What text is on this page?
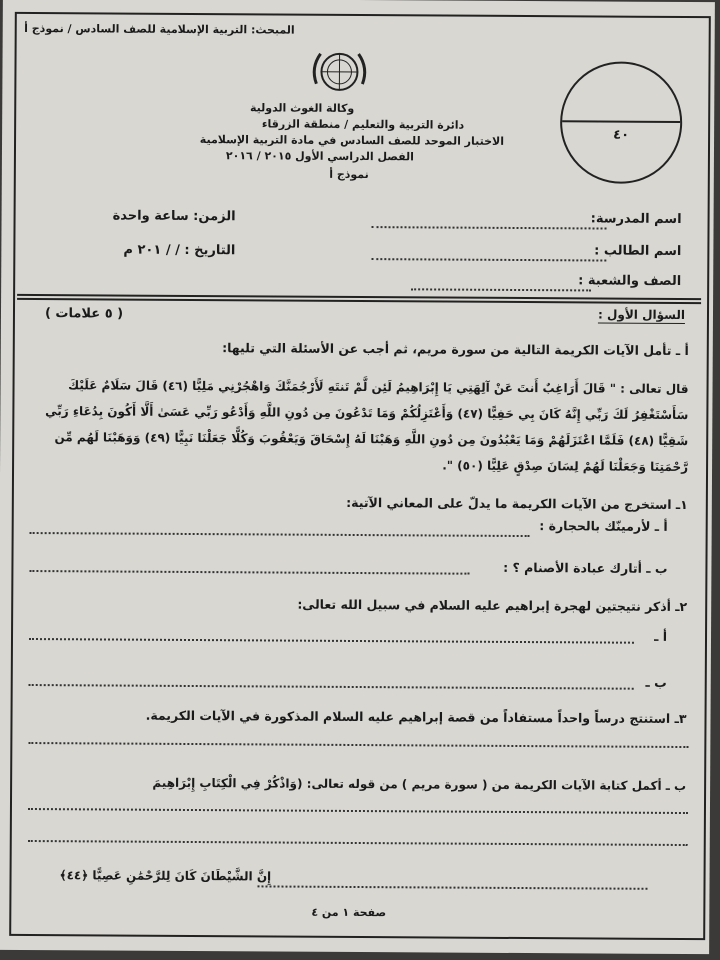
المبحث: التربية الإسلامية للصف السادس / نموذج أ
وكالة الغوث الدولية
دائرة التربية والتعليم / منطقة الزرقاء
الاختبار الموحد للصف السادس في مادة التربية الإسلامية
الفصل الدراسي الأول ٢٠١٥ / ٢٠١٦
نموذج أ
٤٠
اسم المدرسة:
الزمن: ساعة واحدة
اسم الطالب :
التاريخ : / / ٢٠١ م
الصف والشعبة :
السؤال الأول :
( ٥ علامات )
أ ـ تأمل الآيات الكريمة التالية من سورة مريم، ثم أجب عن الأسئلة التي تليها:
قال تعالى : " قَالَ أَرَاغِبٌ أَنتَ عَنْ آلِهَتِي يَا إِبْرَاهِيمُ لَئِن لَّمْ تَنتَهِ لَأَرْجُمَنَّكَ وَاهْجُرْنِي مَلِيًّا (٤٦) قَالَ سَلَامٌ عَلَيْكَ سَأَسْتَغْفِرُ لَكَ رَبِّي إِنَّهُ كَانَ بِي حَفِيًّا (٤٧) وَأَعْتَزِلُكُمْ وَمَا تَدْعُونَ مِن دُونِ اللَّهِ وَأَدْعُو رَبِّي عَسَىٰ أَلَّا أَكُونَ بِدُعَاءِ رَبِّي شَقِيًّا (٤٨) فَلَمَّا اعْتَزَلَهُمْ وَمَا يَعْبُدُونَ مِن دُونِ اللَّهِ وَهَبْنَا لَهُ إِسْحَاقَ وَيَعْقُوبَ وَكُلًّا جَعَلْنَا نَبِيًّا (٤٩) وَوَهَبْنَا لَهُم مِّن رَّحْمَتِنَا وَجَعَلْنَا لَهُمْ لِسَانَ صِدْقٍ عَلِيًّا (٥٠) ".
١ـ استخرج من الآيات الكريمة ما يدلّ على المعاني الآتية:
أ ـ لأرمينّك بالحجارة :
ب ـ أتارك عبادة الأصنام ؟ :
٢ـ أذكر نتيجتين لهجرة إبراهيم عليه السلام في سبيل الله تعالى:
أ ـ
ب ـ
٣ـ استنتج درساً واحداً مستفاداً من قصة إبراهيم عليه السلام المذكورة في الآيات الكريمة.
ب ـ أكمل كتابة الآيات الكريمة من ( سورة مريم ) من قوله تعالى: (وَاذْكُرْ فِي الْكِتَابِ إِبْرَاهِيمَ
إِنَّ الشَّيْطَانَ كَانَ لِلرَّحْمَٰنِ عَصِيًّا ﴿٤٤﴾
صفحة ١ من ٤
